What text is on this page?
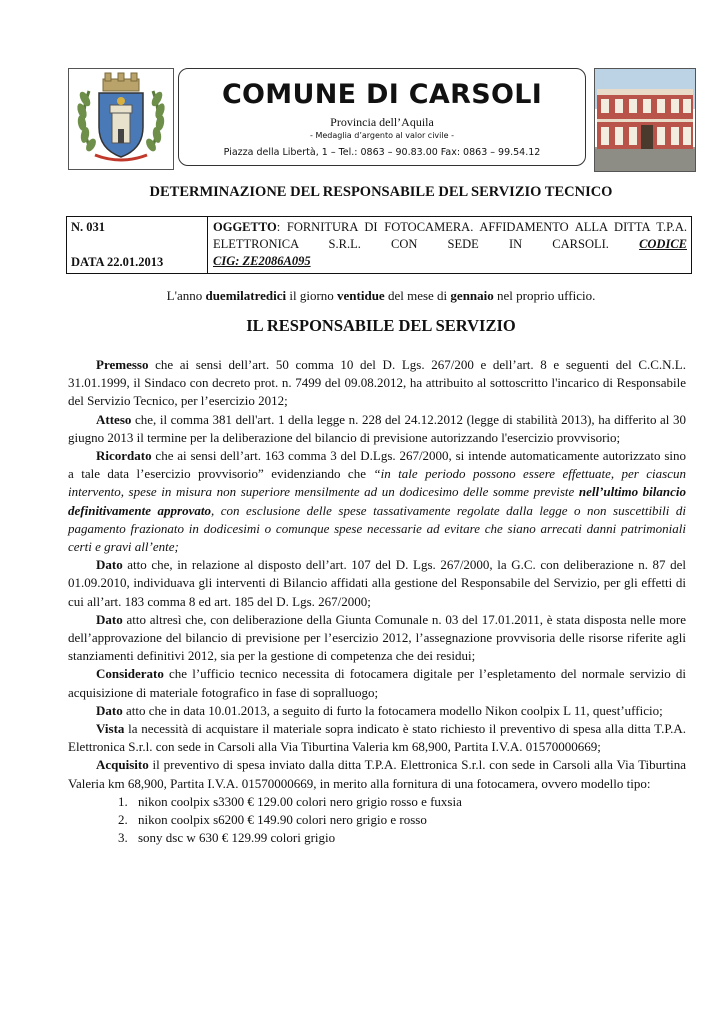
COMUNE DI CARSOLI
Provincia dell’Aquila
- Medaglia d’argento al valor civile -
Piazza della Libertà, 1 – Tel.: 0863 – 90.83.00 Fax: 0863 – 99.54.12
DETERMINAZIONE DEL RESPONSABILE DEL SERVIZIO TECNICO
N. 031
DATA 22.01.2013
OGGETTO: FORNITURA DI FOTOCAMERA. AFFIDAMENTO ALLA DITTA T.P.A. ELETTRONICA S.R.L. CON SEDE IN CARSOLI. CODICE
CIG: ZE2086A095
L'anno duemilatredici il giorno ventidue del mese di gennaio nel proprio ufficio.
IL RESPONSABILE DEL SERVIZIO

Premesso che ai sensi dell’art. 50 comma 10 del D. Lgs. 267/200 e dell’art. 8 e seguenti del C.C.N.L. 31.01.1999, il Sindaco con decreto prot. n. 7499 del 09.08.2012, ha attribuito al sottoscritto l'incarico di Responsabile del Servizio Tecnico, per l’esercizio 2012;

Atteso che, il comma 381 dell'art. 1 della legge n. 228 del 24.12.2012 (legge di stabilità 2013), ha differito al 30 giugno 2013 il termine per la deliberazione del bilancio di previsione autorizzando l'esercizio provvisorio;

Ricordato che ai sensi dell’art. 163 comma 3 del D.Lgs. 267/2000, si intende automaticamente autorizzato sino a tale data l’esercizio provvisorio” evidenziando che “in tale periodo possono essere effettuate, per ciascun intervento, spese in misura non superiore mensilmente ad un dodicesimo delle somme previste nell’ultimo bilancio definitivamente approvato, con esclusione delle spese tassativamente regolate dalla legge o non suscettibili di pagamento frazionato in dodicesimi o comunque spese necessarie ad evitare che siano arrecati danni patrimoniali certi e gravi all’ente;

Dato atto che, in relazione al disposto dell’art. 107 del D. Lgs. 267/2000, la G.C. con deliberazione n. 87 del 01.09.2010, individuava gli interventi di Bilancio affidati alla gestione del Responsabile del Servizio, per gli effetti di cui all’art. 183 comma 8 ed art. 185 del D. Lgs. 267/2000;

Dato atto altresì che, con deliberazione della Giunta Comunale n. 03 del 17.01.2011, è stata disposta nelle more dell’approvazione del bilancio di previsione per l’esercizio 2012, l’assegnazione provvisoria delle risorse riferite agli stanziamenti definitivi 2012, sia per la gestione di competenza che dei residui;

Considerato che l’ufficio tecnico necessita di fotocamera digitale per l’espletamento del normale servizio di acquisizione di materiale fotografico in fase di sopralluogo;

Dato atto che in data 10.01.2013, a seguito di furto la fotocamera modello Nikon coolpix L 11, quest’ufficio;

Vista la necessità di acquistare il materiale sopra indicato è stato richiesto il preventivo di spesa alla ditta T.P.A. Elettronica S.r.l. con sede in Carsoli alla Via Tiburtina Valeria km 68,900, Partita I.V.A. 01570000669;

Acquisito il preventivo di spesa inviato dalla ditta T.P.A. Elettronica S.r.l. con sede in Carsoli alla Via Tiburtina Valeria km 68,900, Partita I.V.A. 01570000669, in merito alla fornitura di una fotocamera, ovvero modello tipo:

1. nikon coolpix s3300 € 129.00 colori nero grigio rosso e fuxsia
2. nikon coolpix s6200 € 149.90 colori nero grigio e rosso
3. sony dsc w 630 € 129.99 colori grigio
